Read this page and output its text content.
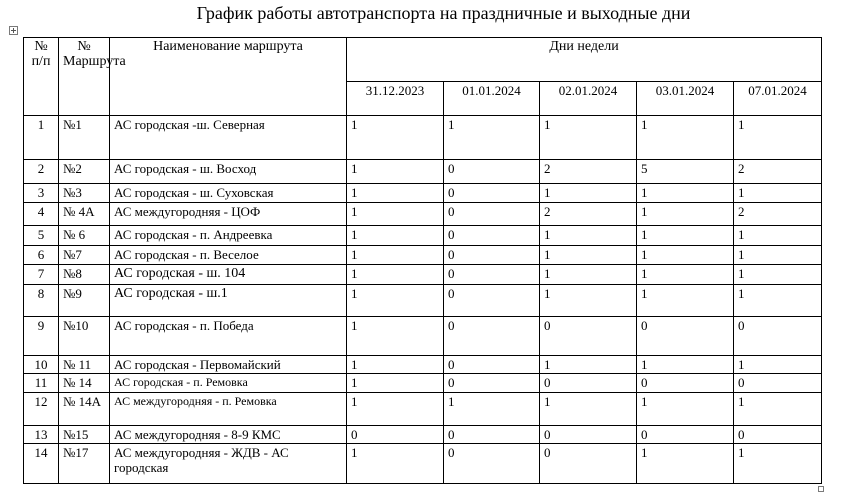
График работы автотранспорта на праздничные и выходные дни
№ п/п	№ Маршрута	Наименование маршрута	Дни недели				
			31.12.2023	01.01.2024	02.01.2024	03.01.2024	07.01.2024
1	№1	АС городская -ш. Северная	1	1	1	1	1
2	№2	АС городская - ш. Восход	1	0	2	5	2
3	№3	АС городская - ш. Суховская	1	0	1	1	1
4	№ 4А	АС междугородняя - ЦОФ	1	0	2	1	2
5	№ 6	АС городская - п. Андреевка	1	0	1	1	1
6	№7	АС городская - п. Веселое	1	0	1	1	1
7	№8	АС городская - ш. 104	1	0	1	1	1
8	№9	АС городская - ш.1	1	0	1	1	1
9	№10	АС городская - п. Победа	1	0	0	0	0
10	№ 11	АС городская - Первомайский	1	0	1	1	1
11	№ 14	АС городская - п. Ремовка	1	0	0	0	0
12	№ 14А	АС междугородняя - п. Ремовка	1	1	1	1	1
13	№15	АС междугородняя - 8-9 КМС	0	0	0	0	0
14	№17	АС междугородняя - ЖДВ - АС городская	1	0	0	1	1
